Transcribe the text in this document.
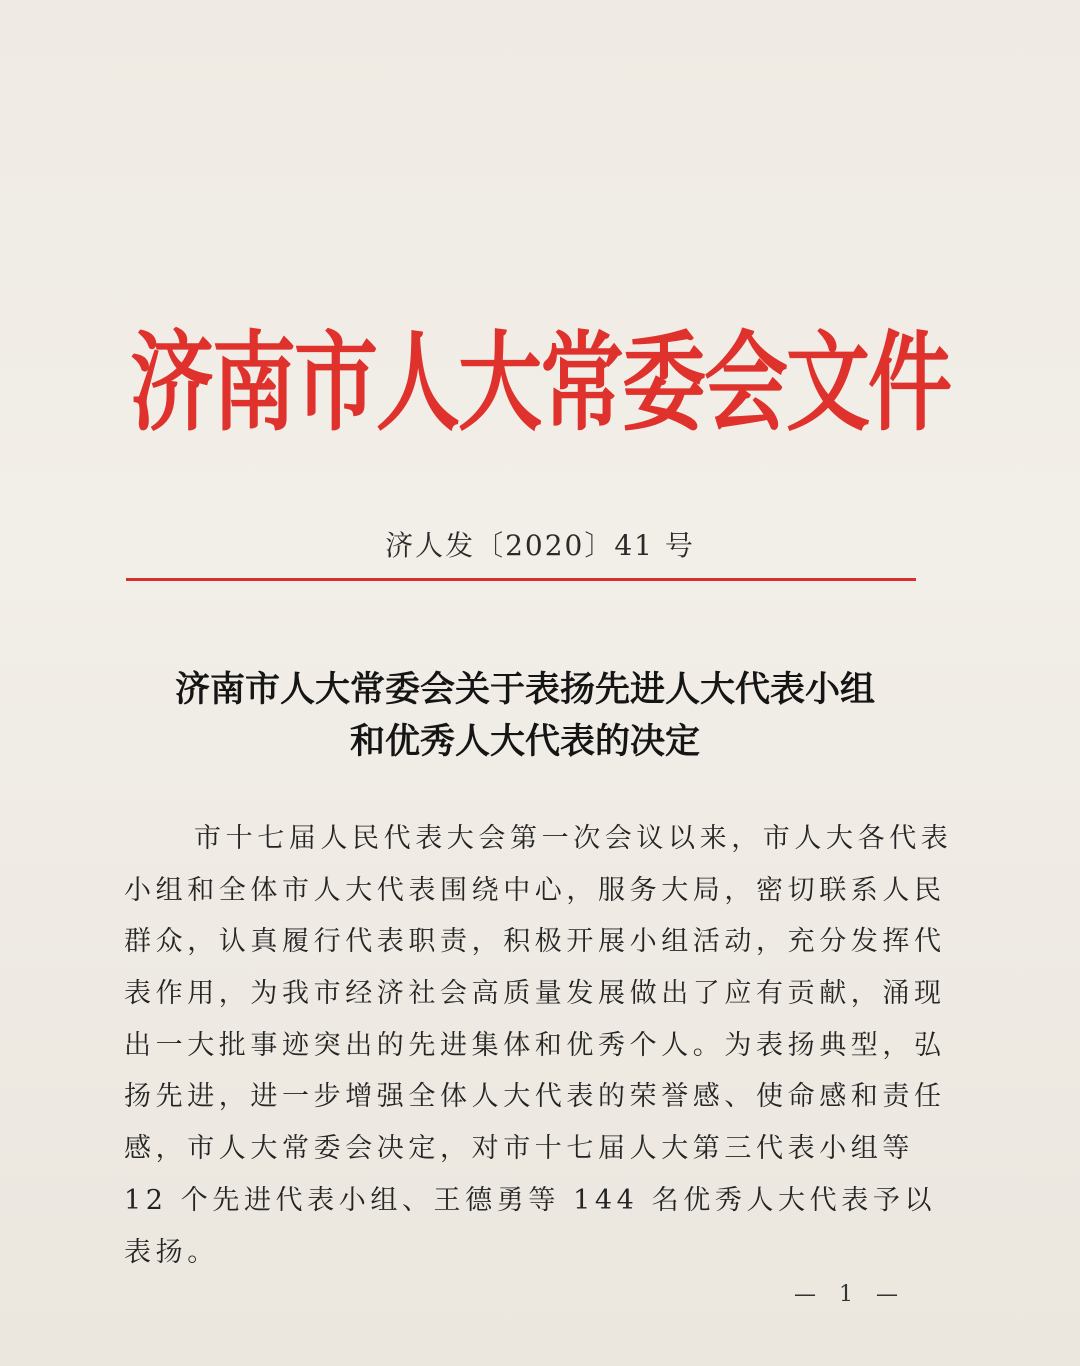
济南市人大常委会文件
济人发〔2020〕41 号
济南市人大常委会关于表扬先进人大代表小组
和优秀人大代表的决定
市十七届人民代表大会第一次会议以来，市人大各代表
小组和全体市人大代表围绕中心，服务大局，密切联系人民
群众，认真履行代表职责，积极开展小组活动，充分发挥代
表作用，为我市经济社会高质量发展做出了应有贡献，涌现
出一大批事迹突出的先进集体和优秀个人。为表扬典型，弘
扬先进，进一步增强全体人大代表的荣誉感、使命感和责任
感，市人大常委会决定，对市十七届人大第三代表小组等
12 个先进代表小组、王德勇等 144 名优秀人大代表予以
表扬。
— 1 —
